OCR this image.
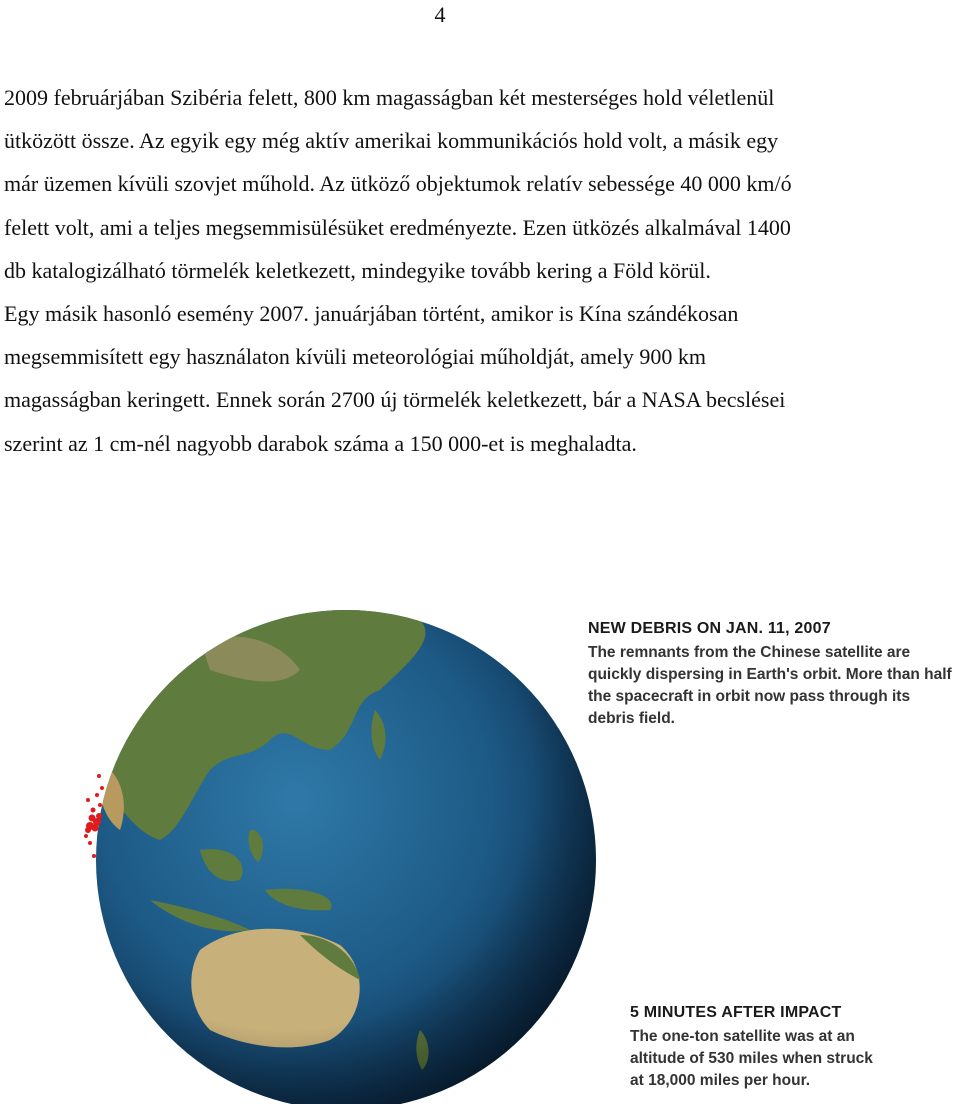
4
2009 februárjában Szibéria felett, 800 km magasságban két mesterséges hold véletlenül
ütközött össze. Az egyik egy még aktív amerikai kommunikációs hold volt, a másik egy
már üzemen kívüli szovjet műhold. Az ütköző objektumok relatív sebessége 40 000 km/ó
felett volt, ami a teljes megsemmisülésüket eredményezte. Ezen ütközés alkalmával 1400
db katalogizálható törmelék keletkezett, mindegyike tovább kering a Föld körül.
Egy másik hasonló esemény 2007. januárjában történt, amikor is Kína szándékosan
megsemmisített egy használaton kívüli meteorológiai műholdját, amely 900 km
magasságban keringett. Ennek során 2700 új törmelék keletkezett, bár a NASA becslései
szerint az 1 cm-nél nagyobb darabok száma a 150 000-et is meghaladta.
NEW DEBRIS ON JAN. 11, 2007
The remnants from the Chinese satellite are
quickly dispersing in Earth's orbit. More than half
the spacecraft in orbit now pass through its
debris field.
5 MINUTES AFTER IMPACT
The one-ton satellite was at an
altitude of 530 miles when struck
at 18,000 miles per hour.
